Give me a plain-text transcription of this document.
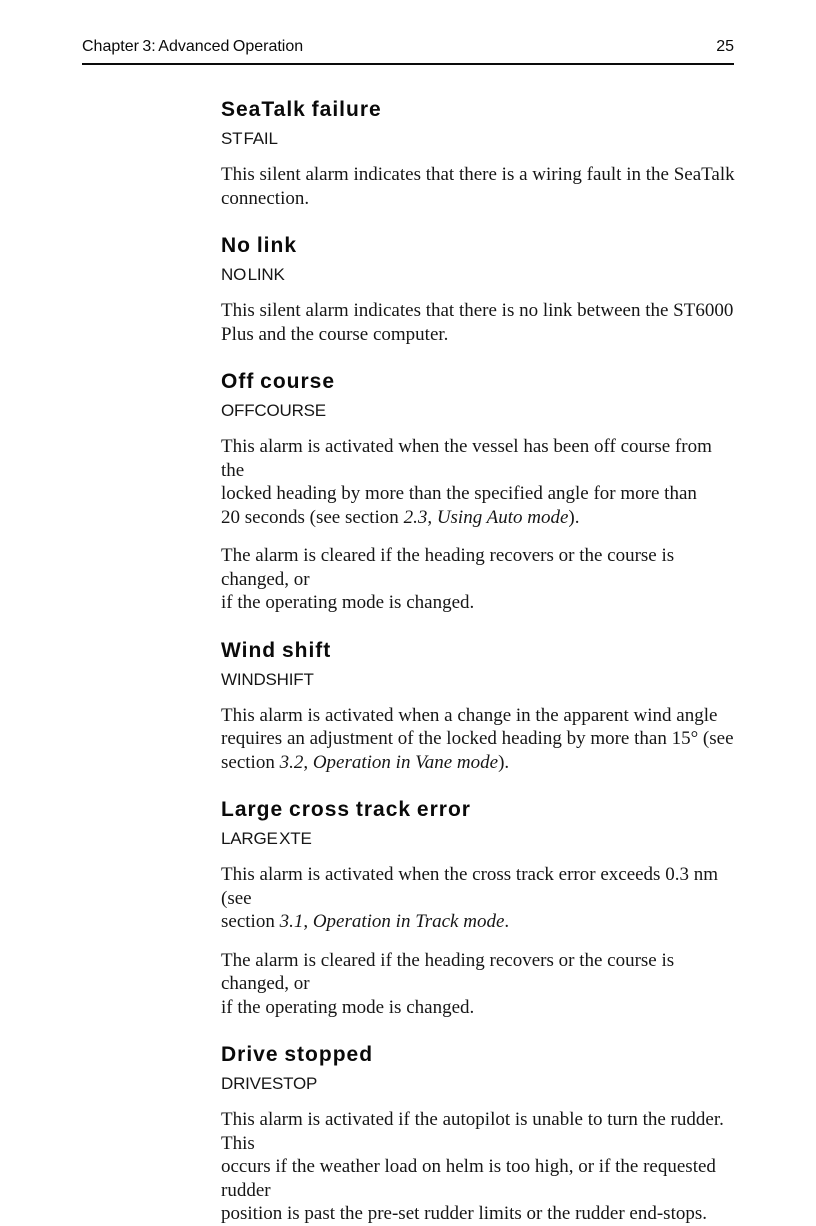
Chapter 3: Advanced Operation	25
SeaTalk failure
ST FAIL

This silent alarm indicates that there is a wiring fault in the SeaTalk
connection.

No link
NO LINK

This silent alarm indicates that there is no link between the ST6000
Plus and the course computer.

Off course
OFFCOURSE

This alarm is activated when the vessel has been off course from the
locked heading by more than the specified angle for more than
20 seconds (see section 2.3, Using Auto mode).

The alarm is cleared if the heading recovers or the course is changed, or
if the operating mode is changed.

Wind shift
WINDSHIFT

This alarm is activated when a change in the apparent wind angle
requires an adjustment of the locked heading by more than 15° (see
section 3.2, Operation in Vane mode).

Large cross track error
LARGE XTE

This alarm is activated when the cross track error exceeds 0.3 nm (see
section 3.1, Operation in Track mode.

The alarm is cleared if the heading recovers or the course is changed, or
if the operating mode is changed.

Drive stopped
DRIVESTOP

This alarm is activated if the autopilot is unable to turn the rudder. This
occurs if the weather load on helm is too high, or if the requested rudder
position is past the pre-set rudder limits or the rudder end-stops.
